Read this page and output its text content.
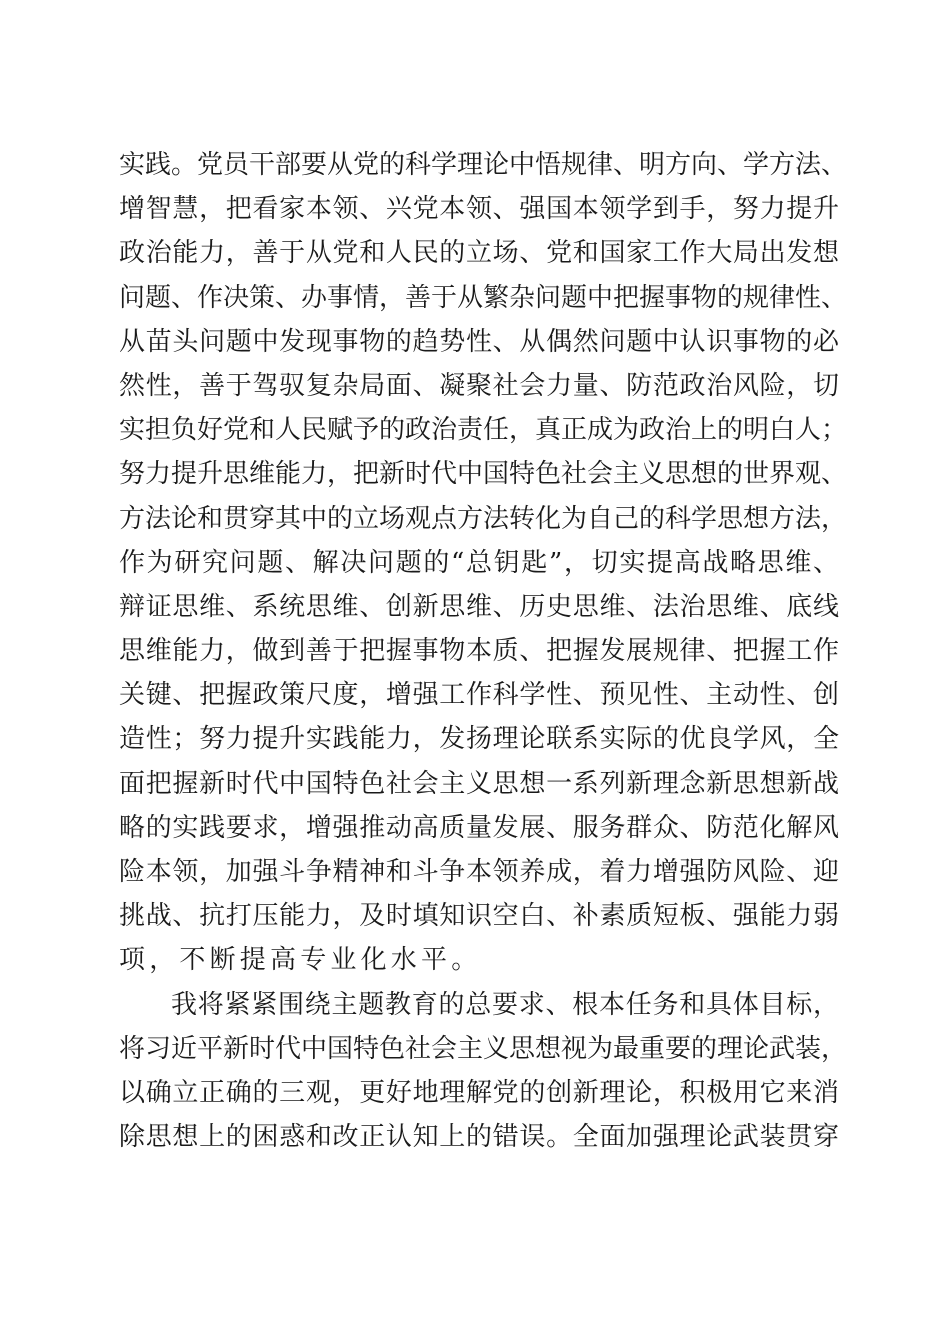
实践。党员干部要从党的科学理论中悟规律、明方向、学方法、
增智慧，把看家本领、兴党本领、强国本领学到手，努力提升
政治能力，善于从党和人民的立场、党和国家工作大局出发想
问题、作决策、办事情，善于从繁杂问题中把握事物的规律性、
从苗头问题中发现事物的趋势性、从偶然问题中认识事物的必
然性，善于驾驭复杂局面、凝聚社会力量、防范政治风险，切
实担负好党和人民赋予的政治责任，真正成为政治上的明白人；
努力提升思维能力，把新时代中国特色社会主义思想的世界观、
方法论和贯穿其中的立场观点方法转化为自己的科学思想方法，
作为研究问题、解决问题的“总钥匙”，切实提高战略思维、
辩证思维、系统思维、创新思维、历史思维、法治思维、底线
思维能力，做到善于把握事物本质、把握发展规律、把握工作
关键、把握政策尺度，增强工作科学性、预见性、主动性、创
造性；努力提升实践能力，发扬理论联系实际的优良学风，全
面把握新时代中国特色社会主义思想一系列新理念新思想新战
略的实践要求，增强推动高质量发展、服务群众、防范化解风
险本领，加强斗争精神和斗争本领养成，着力增强防风险、迎
挑战、抗打压能力，及时填知识空白、补素质短板、强能力弱
项，不断提高专业化水平。
我将紧紧围绕主题教育的总要求、根本任务和具体目标，
将习近平新时代中国特色社会主义思想视为最重要的理论武装，
以确立正确的三观，更好地理解党的创新理论，积极用它来消
除思想上的困惑和改正认知上的错误。全面加强理论武装贯穿
